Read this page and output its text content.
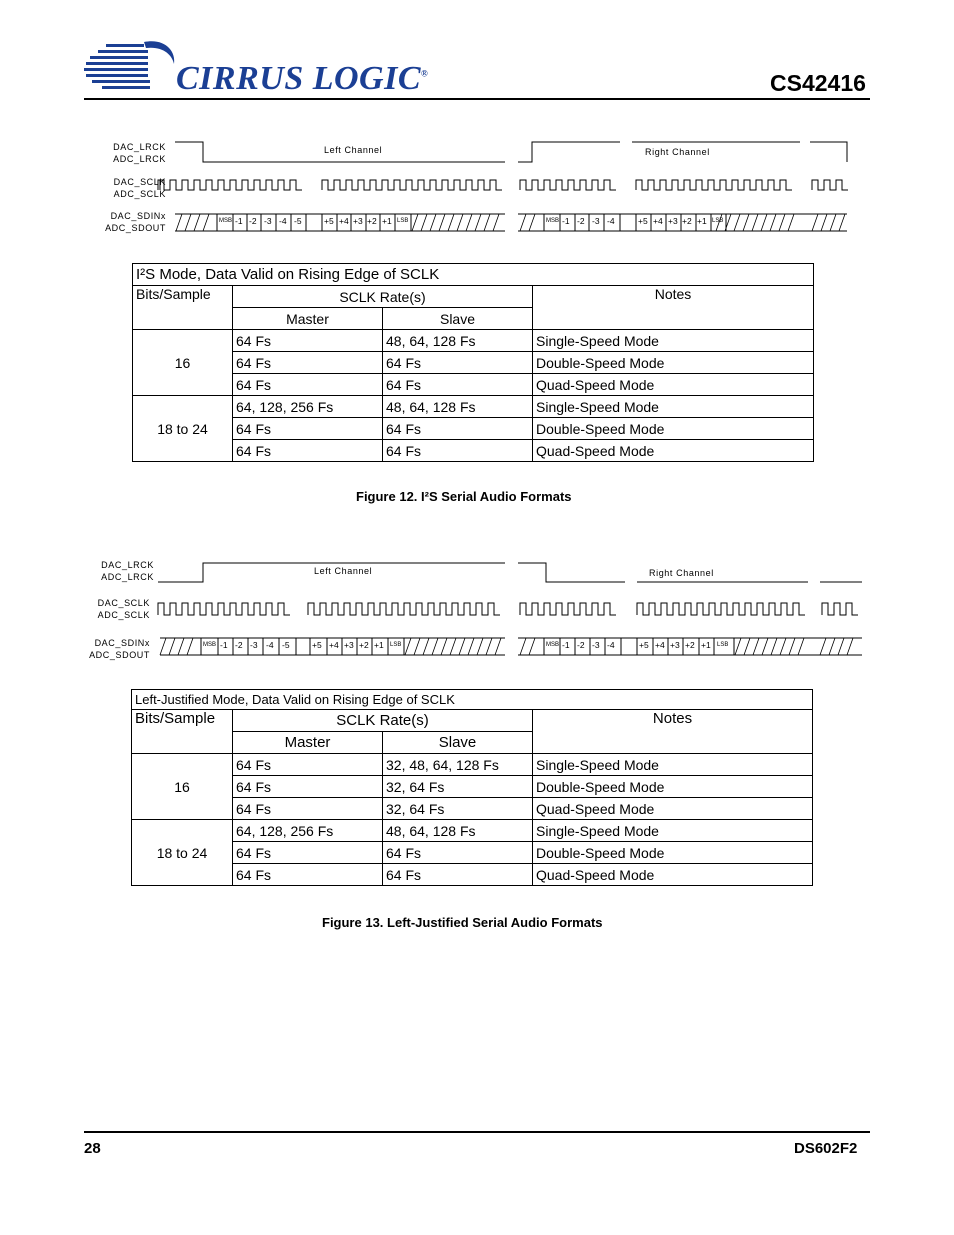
CIRRUS LOGIC®	CS42416
DAC_LRCK
ADC_LRCK
DAC_SCLK
ADC_SCLK
DAC_SDINx
ADC_SDOUT
Left Channel	Right Channel
MSB -1 -2 -3 -4 -5	+5 +4 +3 +2 +1 LSB	MSB -1 -2 -3 -4	+5 +4 +3 +2 +1 LSB
I²S Mode, Data Valid on Rising Edge of SCLK			
Bits/Sample	SCLK Rate(s)		Notes
	Master	Slave	
16	64 Fs	48, 64, 128 Fs	Single-Speed Mode
	64 Fs	64 Fs	Double-Speed Mode
	64 Fs	64 Fs	Quad-Speed Mode
18 to 24	64, 128, 256 Fs	48, 64, 128 Fs	Single-Speed Mode
	64 Fs	64 Fs	Double-Speed Mode
	64 Fs	64 Fs	Quad-Speed Mode
Figure 12. I²S Serial Audio Formats
DAC_LRCK
ADC_LRCK
DAC_SCLK
ADC_SCLK
DAC_SDINx
ADC_SDOUT
Left Channel	Right Channel
MSB -1 -2 -3 -4 -5	+5 +4 +3 +2 +1 LSB	MSB -1 -2 -3 -4	+5 +4 +3 +2 +1 LSB
Left-Justified Mode, Data Valid on Rising Edge of SCLK			
Bits/Sample	SCLK Rate(s)		Notes
	Master	Slave	
16	64 Fs	32, 48, 64, 128 Fs	Single-Speed Mode
	64 Fs	32, 64 Fs	Double-Speed Mode
	64 Fs	32, 64 Fs	Quad-Speed Mode
18 to 24	64, 128, 256 Fs	48, 64, 128 Fs	Single-Speed Mode
	64 Fs	64 Fs	Double-Speed Mode
	64 Fs	64 Fs	Quad-Speed Mode
Figure 13. Left-Justified Serial Audio Formats
28	DS602F2
